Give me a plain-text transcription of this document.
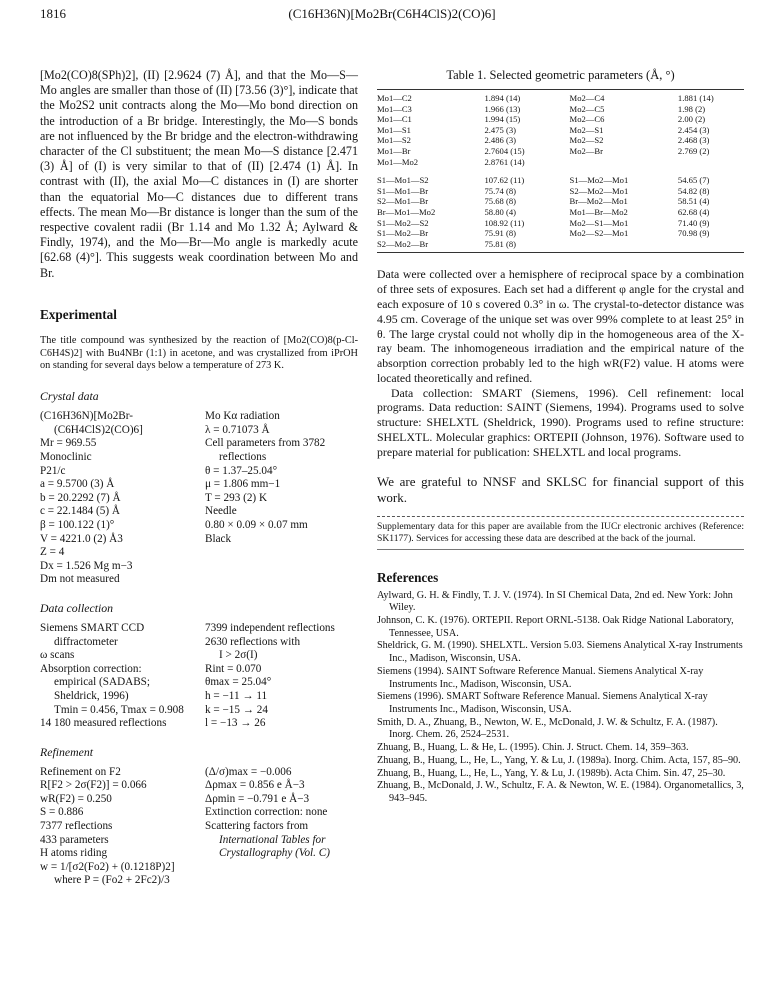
1816	(C16H36N)[Mo2Br(C6H4ClS)2(CO)6]

[Mo2(CO)8(SPh)2], (II) [2.9624 (7) Å], and that the Mo—S—Mo angles are smaller than those of (II) [73.56 (3)°], indicate that the Mo2S2 unit contracts along the Mo—Mo bond direction on the introduction of a Br bridge. Interestingly, the Mo—S bonds are not influenced by the Br bridge and the electron-withdrawing character of the Cl substituent; the mean Mo—S distance [2.471 (3) Å] of (I) is very similar to that of (II) [2.474 (1) Å]. In contrast with (II), the axial Mo—C distances in (I) are shorter than the equatorial Mo—C distances due to different trans effects. The mean Mo—Br distance is longer than the sum of the respective covalent radii (Br 1.14 and Mo 1.32 Å; Aylward & Findly, 1974), and the Mo—Br—Mo angle is markedly acute [62.68 (4)°]. This suggests weak coordination between Mo and Br.

Experimental

The title compound was synthesized by the reaction of [Mo2(CO)8(p-Cl-C6H4S)2] with Bu4NBr (1:1) in acetone, and was crystallized from iPrOH on standing for several days below a temperature of 273 K.

Crystal data

(C16H36N)[Mo2Br-
(C6H4ClS)2(CO)6]
Mr = 969.55
Monoclinic
P21/c
a = 9.5700 (3) Å
b = 20.2292 (7) Å
c = 22.1484 (5) Å
β = 100.122 (1)°
V = 4221.0 (2) Å3
Z = 4
Dx = 1.526 Mg m−3
Dm not measured
Mo Kα radiation
λ = 0.71073 Å
Cell parameters from 3782
reflections
θ = 1.37–25.04°
μ = 1.806 mm−1
T = 293 (2) K
Needle
0.80 × 0.09 × 0.07 mm
Black

Data collection

Siemens SMART CCD
diffractometer
ω scans
Absorption correction:
empirical (SADABS;
Sheldrick, 1996)
Tmin = 0.456, Tmax = 0.908
14 180 measured reflections
7399 independent reflections
2630 reflections with
I > 2σ(I)
Rint = 0.070
θmax = 25.04°
h = −11 → 11
k = −15 → 24
l = −13 → 26

Refinement

Refinement on F2
R[F2 > 2σ(F2)] = 0.066
wR(F2) = 0.250
S = 0.886
7377 reflections
433 parameters
H atoms riding
w = 1/[σ2(Fo2) + (0.1218P)2]
where P = (Fo2 + 2Fc2)/3
(Δ/σ)max = −0.006
Δρmax = 0.856 e Å−3
Δρmin = −0.791 e Å−3
Extinction correction: none
Scattering factors from
International Tables for
Crystallography (Vol. C)

Table 1. Selected geometric parameters (Å, °)

Mo1—C2	1.894 (14)	Mo2—C4	1.881 (14)
Mo1—C3	1.966 (13)	Mo2—C5	1.98 (2)
Mo1—C1	1.994 (15)	Mo2—C6	2.00 (2)
Mo1—S1	2.475 (3)	Mo2—S1	2.454 (3)
Mo1—S2	2.486 (3)	Mo2—S2	2.468 (3)
Mo1—Br	2.7604 (15)	Mo2—Br	2.769 (2)
Mo1—Mo2	2.8761 (14)		
S1—Mo1—S2	107.62 (11)	S1—Mo2—Mo1	54.65 (7)
S1—Mo1—Br	75.74 (8)	S2—Mo2—Mo1	54.82 (8)
S2—Mo1—Br	75.68 (8)	Br—Mo2—Mo1	58.51 (4)
Br—Mo1—Mo2	58.80 (4)	Mo1—Br—Mo2	62.68 (4)
S1—Mo2—S2	108.92 (11)	Mo2—S1—Mo1	71.40 (9)
S1—Mo2—Br	75.91 (8)	Mo2—S2—Mo1	70.98 (9)
S2—Mo2—Br	75.81 (8)		

Data were collected over a hemisphere of reciprocal space by a combination of three sets of exposures. Each set had a different φ angle for the crystal and each exposure of 10 s covered 0.3° in ω. The crystal-to-detector distance was 4.95 cm. Coverage of the unique set was over 99% complete to at least 25° in θ. The large crystal could not wholly dip in the homogeneous area of the X-ray beam. The inhomogeneous irradiation and the empirical nature of the absorption correction probably led to the high wR(F2) value. H atoms were located theoretically and refined.

Data collection: SMART (Siemens, 1996). Cell refinement: local programs. Data reduction: SAINT (Siemens, 1994). Programs used to solve structure: SHELXTL (Sheldrick, 1990). Programs used to refine structure: SHELXTL. Molecular graphics: ORTEPII (Johnson, 1976). Software used to prepare material for publication: SHELXTL and local programs.

We are grateful to NNSF and SKLSC for financial support of this work.

Supplementary data for this paper are available from the IUCr electronic archives (Reference: SK1177). Services for accessing these data are described at the back of the journal.

References

Aylward, G. H. & Findly, T. J. V. (1974). In SI Chemical Data, 2nd ed. New York: John Wiley.

Johnson, C. K. (1976). ORTEPII. Report ORNL-5138. Oak Ridge National Laboratory, Tennessee, USA.

Sheldrick, G. M. (1990). SHELXTL. Version 5.03. Siemens Analytical X-ray Instruments Inc., Madison, Wisconsin, USA.

Siemens (1994). SAINT Software Reference Manual. Siemens Analytical X-ray Instruments Inc., Madison, Wisconsin, USA.

Siemens (1996). SMART Software Reference Manual. Siemens Analytical X-ray Instruments Inc., Madison, Wisconsin, USA.

Smith, D. A., Zhuang, B., Newton, W. E., McDonald, J. W. & Schultz, F. A. (1987). Inorg. Chem. 26, 2524–2531.

Zhuang, B., Huang, L. & He, L. (1995). Chin. J. Struct. Chem. 14, 359–363.

Zhuang, B., Huang, L., He, L., Yang, Y. & Lu, J. (1989a). Inorg. Chim. Acta, 157, 85–90.

Zhuang, B., Huang, L., He, L., Yang, Y. & Lu, J. (1989b). Acta Chim. Sin. 47, 25–30.

Zhuang, B., McDonald, J. W., Schultz, F. A. & Newton, W. E. (1984). Organometallics, 3, 943–945.
